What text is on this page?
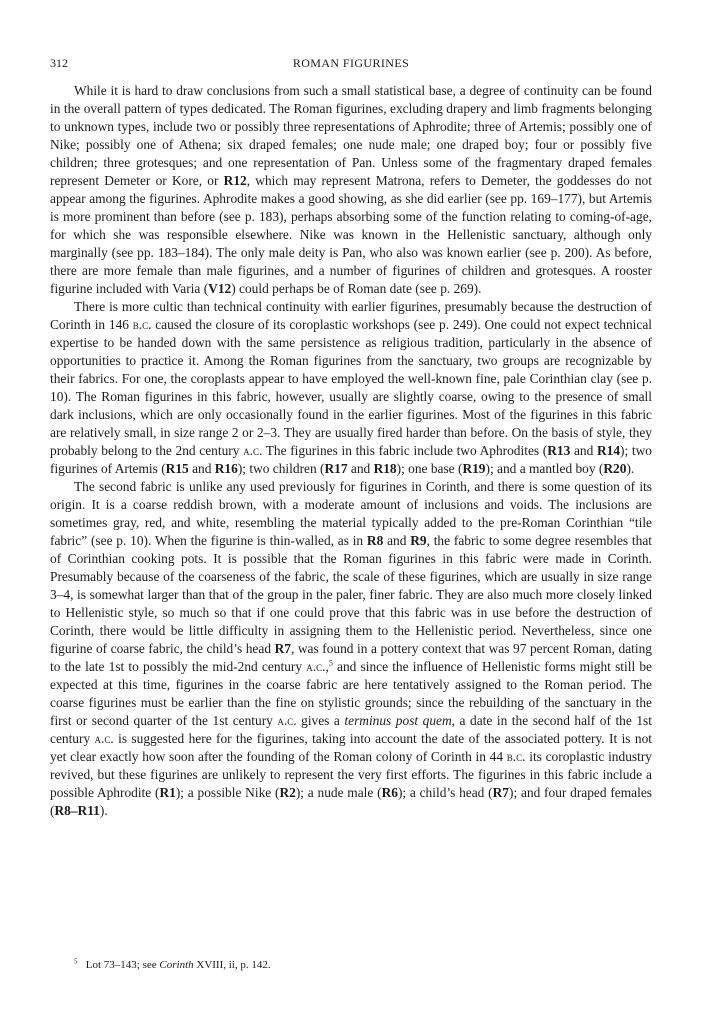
312	ROMAN FIGURINES

While it is hard to draw conclusions from such a small statistical base, a degree of continuity can be found in the overall pattern of types dedicated. The Roman figurines, excluding drapery and limb fragments belonging to unknown types, include two or possibly three representations of Aphrodite; three of Artemis; possibly one of Nike; possibly one of Athena; six draped females; one nude male; one draped boy; four or possibly five children; three grotesques; and one representation of Pan. Unless some of the fragmentary draped females represent Demeter or Kore, or R12, which may represent Matrona, refers to Demeter, the goddesses do not appear among the figurines. Aphrodite makes a good showing, as she did earlier (see pp. 169–177), but Artemis is more prominent than before (see p. 183), perhaps absorbing some of the function relating to coming-of-age, for which she was responsible elsewhere. Nike was known in the Hellenistic sanctuary, although only marginally (see pp. 183–184). The only male deity is Pan, who also was known earlier (see p. 200). As before, there are more female than male figurines, and a number of figurines of children and grotesques. A rooster figurine included with Varia (V12) could perhaps be of Roman date (see p. 269).

There is more cultic than technical continuity with earlier figurines, presumably because the destruction of Corinth in 146 b.c. caused the closure of its coroplastic workshops (see p. 249). One could not expect technical expertise to be handed down with the same persistence as religious tradition, particularly in the absence of opportunities to practice it. Among the Roman figurines from the sanctuary, two groups are recognizable by their fabrics. For one, the coroplasts appear to have employed the well-known fine, pale Corinthian clay (see p. 10). The Roman figurines in this fabric, however, usually are slightly coarse, owing to the presence of small dark inclusions, which are only occasionally found in the earlier figurines. Most of the figurines in this fabric are relatively small, in size range 2 or 2–3. They are usually fired harder than before. On the basis of style, they probably belong to the 2nd century a.c. The figurines in this fabric include two Aphrodites (R13 and R14); two figurines of Artemis (R15 and R16); two children (R17 and R18); one base (R19); and a mantled boy (R20).

The second fabric is unlike any used previously for figurines in Corinth, and there is some question of its origin. It is a coarse reddish brown, with a moderate amount of inclusions and voids. The inclusions are sometimes gray, red, and white, resembling the material typically added to the pre-Roman Corinthian “tile fabric” (see p. 10). When the figurine is thin-walled, as in R8 and R9, the fabric to some degree resembles that of Corinthian cooking pots. It is possible that the Roman figurines in this fabric were made in Corinth. Presumably because of the coarseness of the fabric, the scale of these figurines, which are usually in size range 3–4, is somewhat larger than that of the group in the paler, finer fabric. They are also much more closely linked to Hellenistic style, so much so that if one could prove that this fabric was in use before the destruction of Corinth, there would be little difficulty in assigning them to the Hellenistic period. Nevertheless, since one figurine of coarse fabric, the child’s head R7, was found in a pottery context that was 97 percent Roman, dating to the late 1st to possibly the mid-2nd century a.c.,$^5$ and since the influence of Hellenistic forms might still be expected at this time, figurines in the coarse fabric are here tentatively assigned to the Roman period. The coarse figurines must be earlier than the fine on stylistic grounds; since the rebuilding of the sanctuary in the first or second quarter of the 1st century a.c. gives a terminus post quem, a date in the second half of the 1st century a.c. is suggested here for the figurines, taking into account the date of the associated pottery. It is not yet clear exactly how soon after the founding of the Roman colony of Corinth in 44 b.c. its coroplastic industry revived, but these figurines are unlikely to represent the very first efforts. The figurines in this fabric include a possible Aphrodite (R1); a possible Nike (R2); a nude male (R6); a child’s head (R7); and four draped females (R8–R11).

$^5$ Lot 73–143; see Corinth XVIII, ii, p. 142.
